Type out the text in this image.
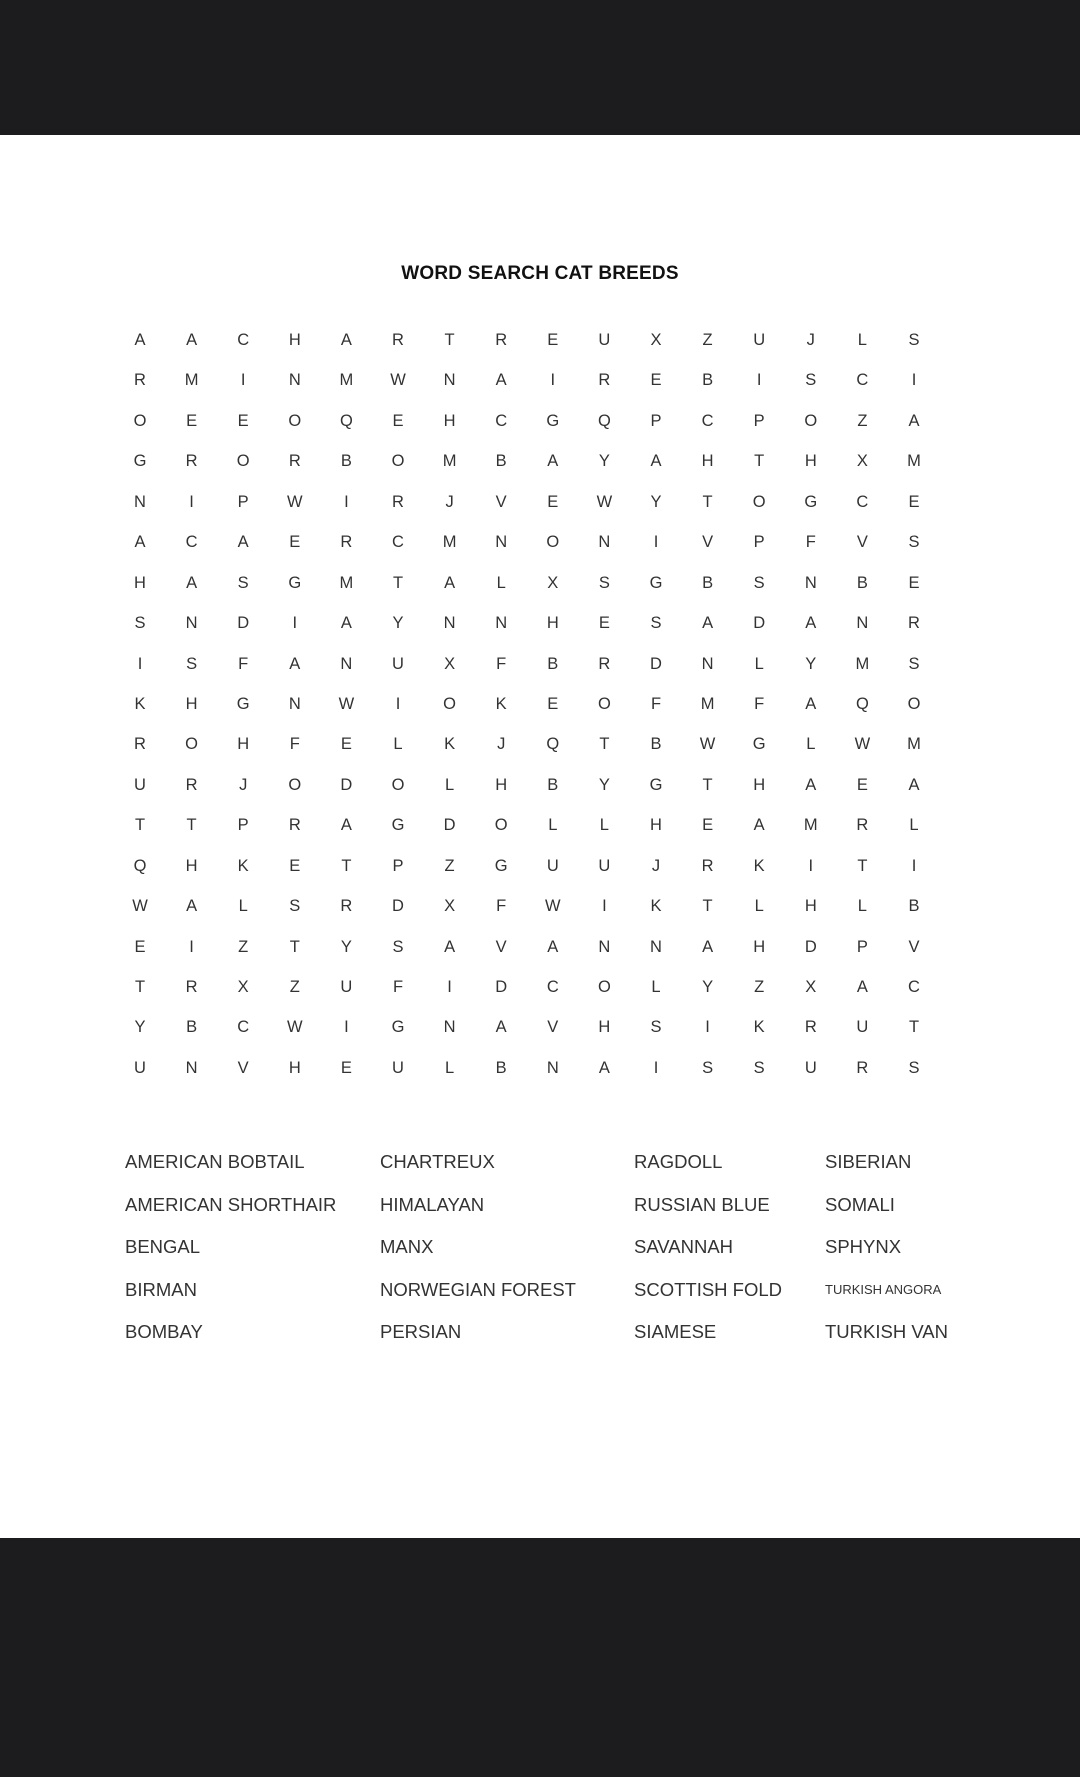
WORD SEARCH CAT BREEDS
A	A	C	H	A	R	T	R	E	U	X	Z	U	J	L	S
R	M	I	N	M	W	N	A	I	R	E	B	I	S	C	I
O	E	E	O	Q	E	H	C	G	Q	P	C	P	O	Z	A
G	R	O	R	B	O	M	B	A	Y	A	H	T	H	X	M
N	I	P	W	I	R	J	V	E	W	Y	T	O	G	C	E
A	C	A	E	R	C	M	N	O	N	I	V	P	F	V	S
H	A	S	G	M	T	A	L	X	S	G	B	S	N	B	E
S	N	D	I	A	Y	N	N	H	E	S	A	D	A	N	R
I	S	F	A	N	U	X	F	B	R	D	N	L	Y	M	S
K	H	G	N	W	I	O	K	E	O	F	M	F	A	Q	O
R	O	H	F	E	L	K	J	Q	T	B	W	G	L	W	M
U	R	J	O	D	O	L	H	B	Y	G	T	H	A	E	A
T	T	P	R	A	G	D	O	L	L	H	E	A	M	R	L
Q	H	K	E	T	P	Z	G	U	U	J	R	K	I	T	I
W	A	L	S	R	D	X	F	W	I	K	T	L	H	L	B
E	I	Z	T	Y	S	A	V	A	N	N	A	H	D	P	V
T	R	X	Z	U	F	I	D	C	O	L	Y	Z	X	A	C
Y	B	C	W	I	G	N	A	V	H	S	I	K	R	U	T
U	N	V	H	E	U	L	B	N	A	I	S	S	U	R	S
AMERICAN BOBTAIL
AMERICAN SHORTHAIR
BENGAL
BIRMAN
BOMBAY
CHARTREUX
HIMALAYAN
MANX
NORWEGIAN FOREST
PERSIAN
RAGDOLL
RUSSIAN BLUE
SAVANNAH
SCOTTISH FOLD
SIAMESE
SIBERIAN
SOMALI
SPHYNX
TURKISH ANGORA
TURKISH VAN
